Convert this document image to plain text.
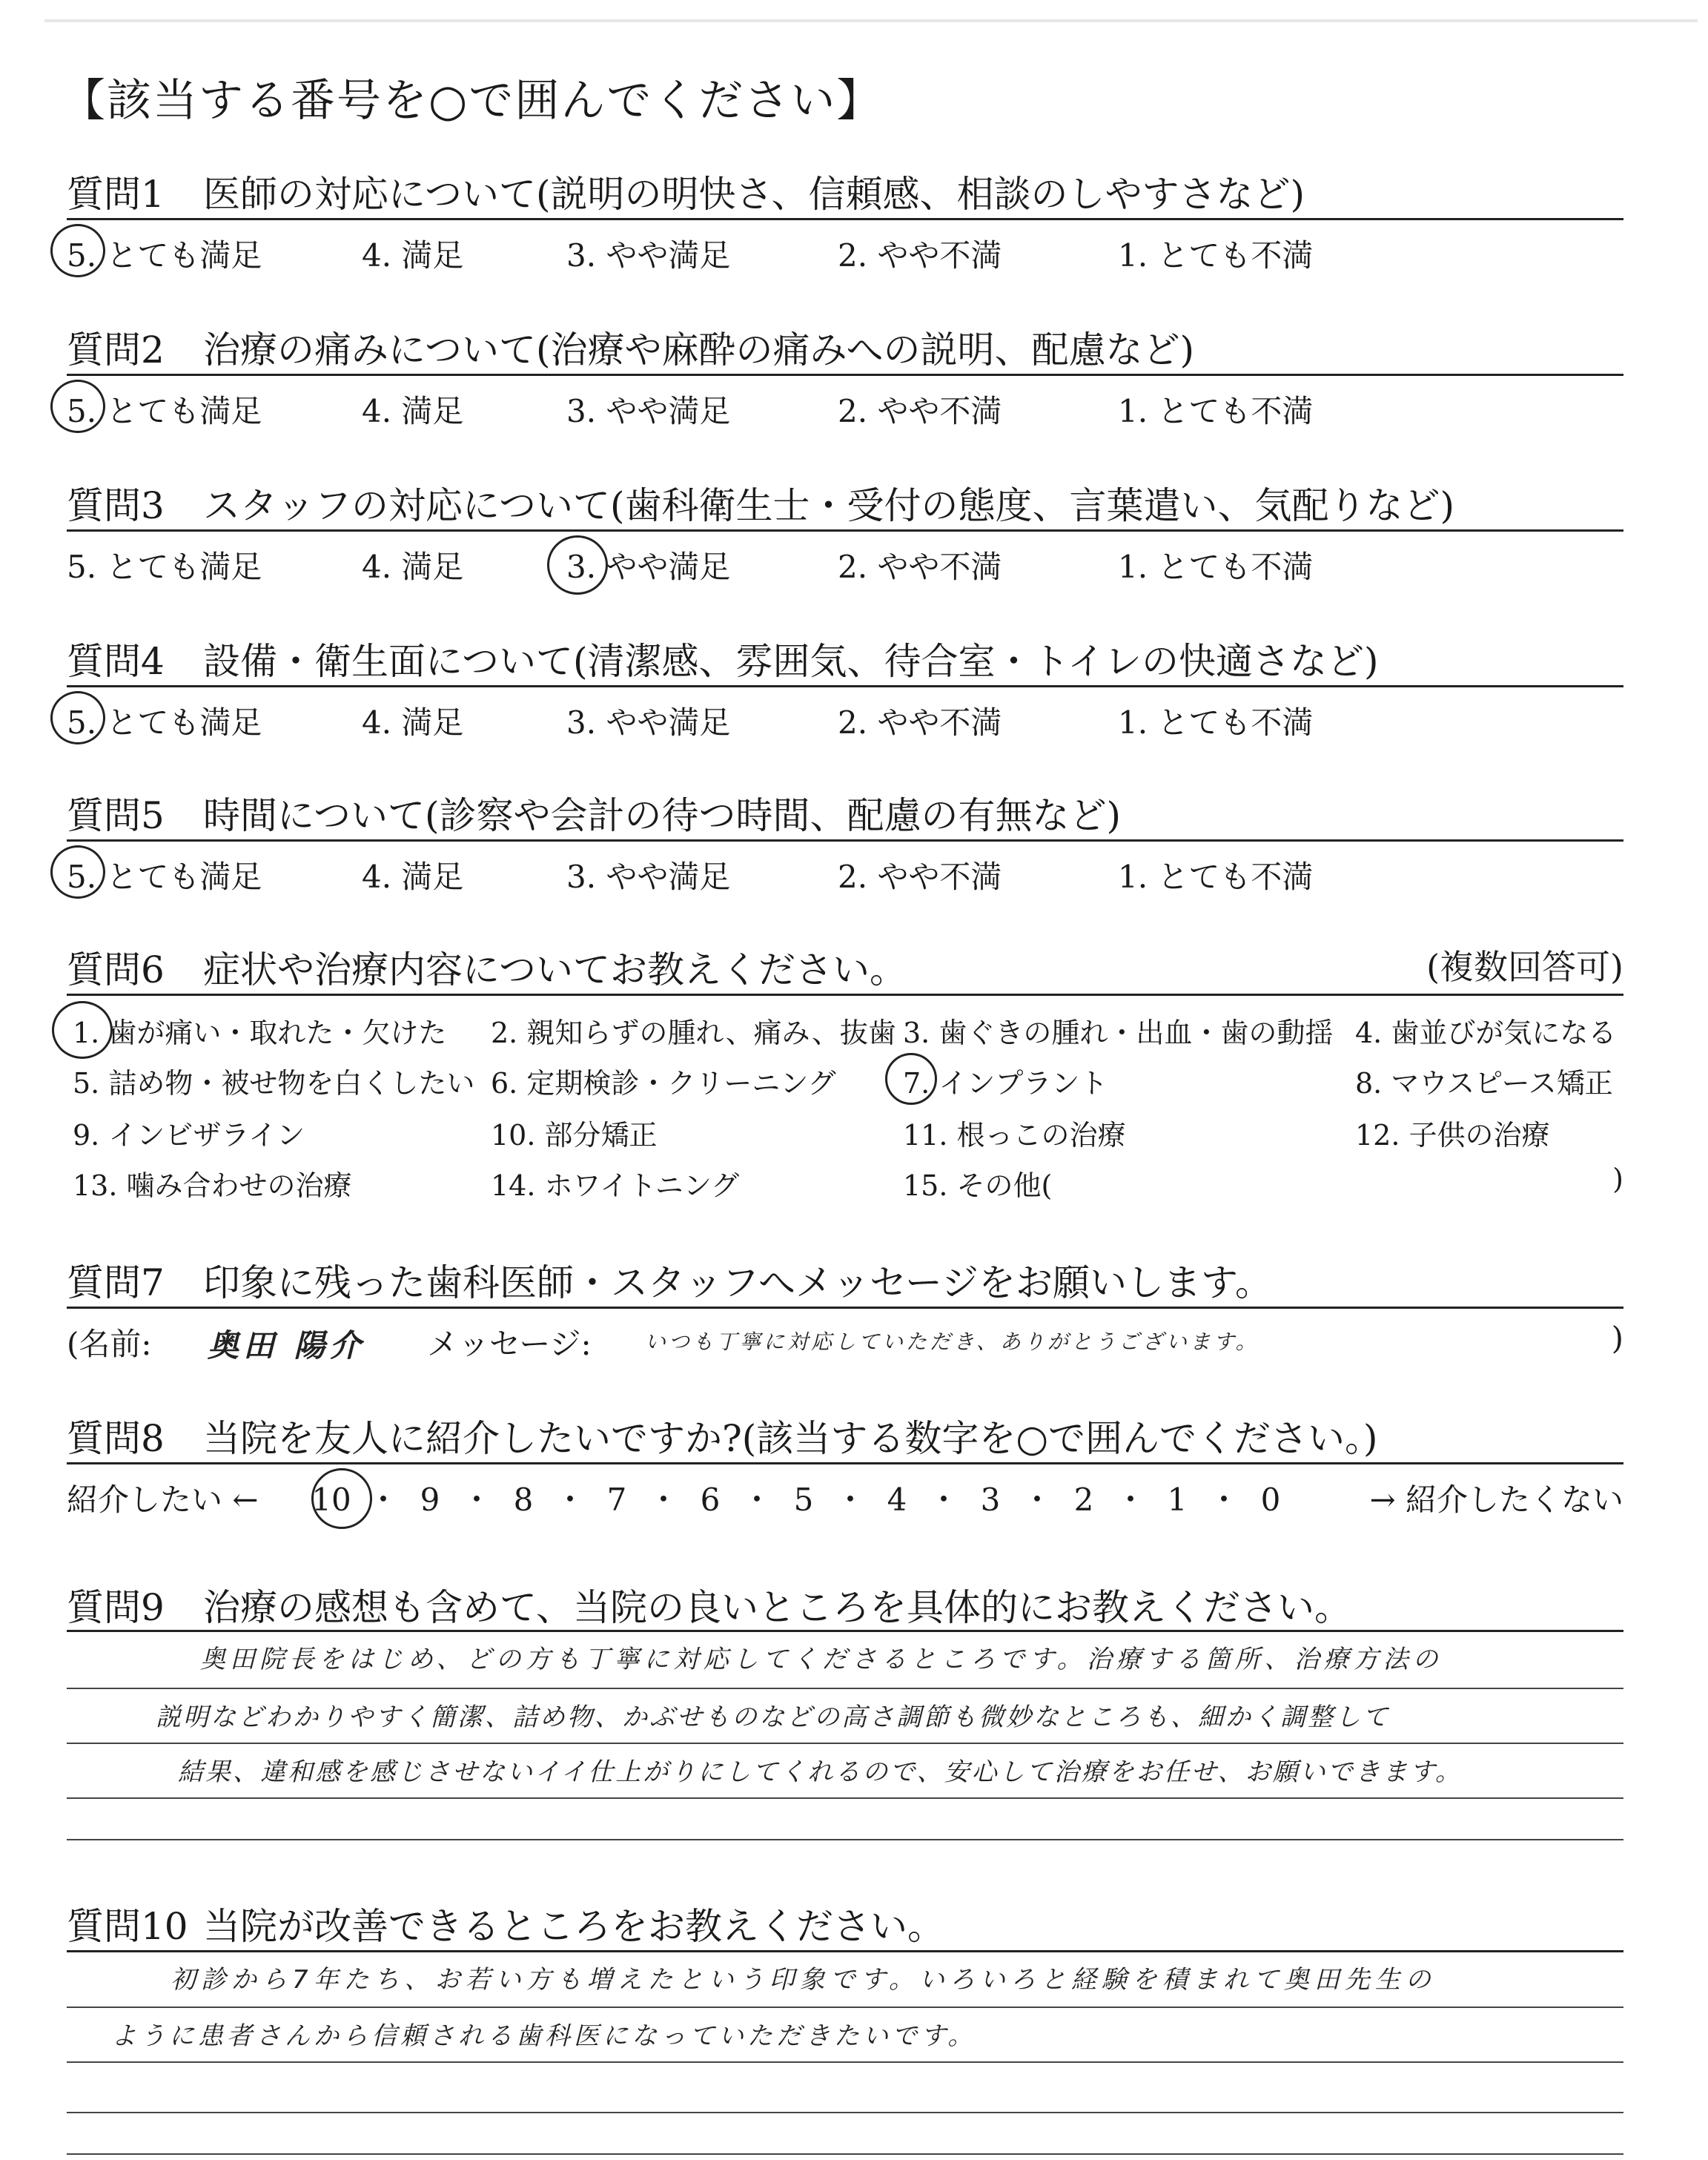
【該当する番号を○で囲んでください】
質問1 医師の対応について(説明の明快さ、信頼感、相談のしやすさなど)
5. とても満足	4. 満足	3. やや満足	2. やや不満	1. とても不満
質問2 治療の痛みについて(治療や麻酔の痛みへの説明、配慮など)
5. とても満足	4. 満足	3. やや満足	2. やや不満	1. とても不満
質問3 スタッフの対応について(歯科衛生士・受付の態度、言葉遣い、気配りなど)
5. とても満足	4. 満足	3. やや満足	2. やや不満	1. とても不満
質問4 設備・衛生面について(清潔感、雰囲気、待合室・トイレの快適さなど)
5. とても満足	4. 満足	3. やや満足	2. やや不満	1. とても不満
質問5 時間について(診察や会計の待つ時間、配慮の有無など)
5. とても満足	4. 満足	3. やや満足	2. やや不満	1. とても不満
質問6 症状や治療内容についてお教えください。	(複数回答可)
1. 歯が痛い・取れた・欠けた 2. 親知らずの腫れ、痛み、抜歯 3. 歯ぐきの腫れ・出血・歯の動揺 4. 歯並びが気になる
5. 詰め物・被せ物を白くしたい 6. 定期検診・クリーニング 7. インプラント	8. マウスピース矯正
9. インビザライン	10. 部分矯正	11. 根っこの治療	12. 子供の治療
13. 噛み合わせの治療	14. ホワイトニング	15. その他(	)
質問7 印象に残った歯科医師・スタッフへメッセージをお願いします。
(名前: 奥田 陽介 メッセージ:	いつも丁寧に対応していただき、ありがとうございます。	)
質問8 当院を友人に紹介したいですか?(該当する数字を○で囲んでください。)
紹介したい ← 10 ・ 9 ・ 8 ・ 7 ・ 6 ・ 5 ・ 4 ・ 3 ・ 2 ・ 1 ・ 0	→ 紹介したくない
質問9 治療の感想も含めて、当院の良いところを具体的にお教えください。
奥田院長をはじめ、どの方も丁寧に対応してくださるところです。治療する箇所、治療方法の
説明などわかりやすく簡潔、詰め物、かぶせものなどの高さ調節も微妙なところも、細かく調整して
結果、違和感を感じさせないイイ仕上がりにしてくれるので、安心して治療をお任せ、お願いできます。
質問10 当院が改善できるところをお教えください。
初診から7年たち、お若い方も増えたという印象です。いろいろと経験を積まれて奥田先生の
ように患者さんから信頼される歯科医になっていただきたいです。
